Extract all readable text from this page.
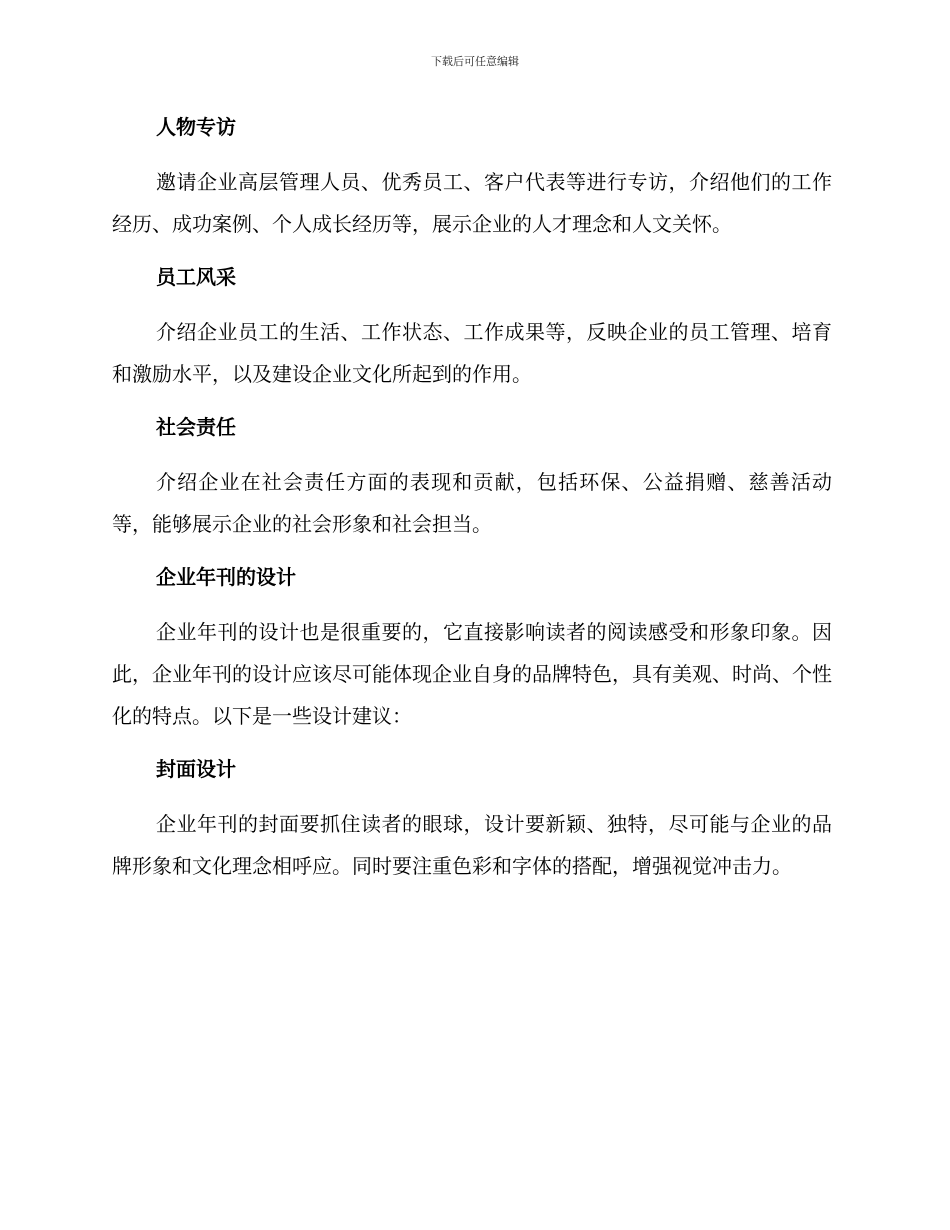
下载后可任意编辑
人物专访

邀请企业高层管理人员、优秀员工、客户代表等进行专访，介绍他们的工作经历、成功案例、个人成长经历等，展示企业的人才理念和人文关怀。

员工风采

介绍企业员工的生活、工作状态、工作成果等，反映企业的员工管理、培育和激励水平，以及建设企业文化所起到的作用。

社会责任

介绍企业在社会责任方面的表现和贡献，包括环保、公益捐赠、慈善活动等，能够展示企业的社会形象和社会担当。

企业年刊的设计

企业年刊的设计也是很重要的，它直接影响读者的阅读感受和形象印象。因此，企业年刊的设计应该尽可能体现企业自身的品牌特色，具有美观、时尚、个性化的特点。以下是一些设计建议：

封面设计

企业年刊的封面要抓住读者的眼球，设计要新颖、独特，尽可能与企业的品牌形象和文化理念相呼应。同时要注重色彩和字体的搭配，增强视觉冲击力。
